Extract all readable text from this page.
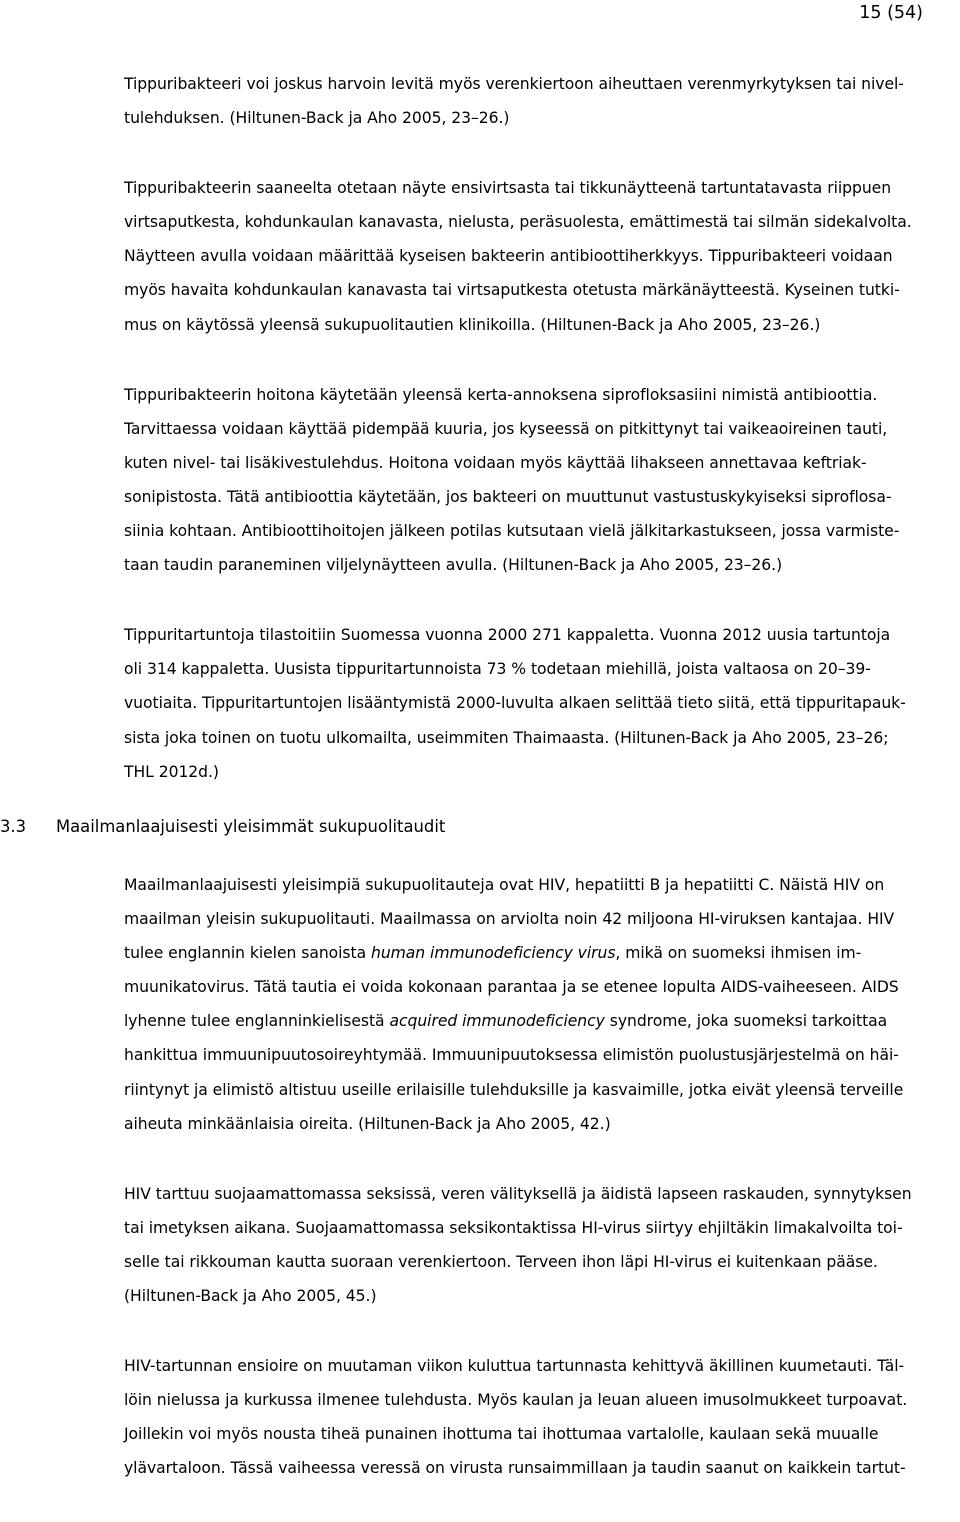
15 (54)
Tippuribakteeri voi joskus harvoin levitä myös verenkiertoon aiheuttaen verenmyrkytyksen tai nivel-
tulehduksen. (Hiltunen-Back ja Aho 2005, 23–26.)
Tippuribakteerin saaneelta otetaan näyte ensivirtsasta tai tikkunäytteenä tartuntatavasta riippuen
virtsaputkesta, kohdunkaulan kanavasta, nielusta, peräsuolesta, emättimestä tai silmän sidekalvolta.
Näytteen avulla voidaan määrittää kyseisen bakteerin antibioottiherkkyys. Tippuribakteeri voidaan
myös havaita kohdunkaulan kanavasta tai virtsaputkesta otetusta märkänäytteestä. Kyseinen tutki-
mus on käytössä yleensä sukupuolitautien klinikoilla. (Hiltunen-Back ja Aho 2005, 23–26.)
Tippuribakteerin hoitona käytetään yleensä kerta-annoksena siprofloksasiini nimistä antibioottia.
Tarvittaessa voidaan käyttää pidempää kuuria, jos kyseessä on pitkittynyt tai vaikeaoireinen tauti,
kuten nivel- tai lisäkivestulehdus. Hoitona voidaan myös käyttää lihakseen annettavaa keftriak-
sonipistosta. Tätä antibioottia käytetään, jos bakteeri on muuttunut vastustuskykyiseksi siproflosa-
siinia kohtaan. Antibioottihoitojen jälkeen potilas kutsutaan vielä jälkitarkastukseen, jossa varmiste-
taan taudin paraneminen viljelynäytteen avulla. (Hiltunen-Back ja Aho 2005, 23–26.)
Tippuritartuntoja tilastoitiin Suomessa vuonna 2000 271 kappaletta. Vuonna 2012 uusia tartuntoja
oli 314 kappaletta. Uusista tippuritartunnoista 73 % todetaan miehillä, joista valtaosa on 20–39-
vuotiaita. Tippuritartuntojen lisääntymistä 2000-luvulta alkaen selittää tieto siitä, että tippuritapauk-
sista joka toinen on tuotu ulkomailta, useimmiten Thaimaasta. (Hiltunen-Back ja Aho 2005, 23–26;
THL 2012d.)
3.3 Maailmanlaajuisesti yleisimmät sukupuolitaudit
Maailmanlaajuisesti yleisimpiä sukupuolitauteja ovat HIV, hepatiitti B ja hepatiitti C. Näistä HIV on
maailman yleisin sukupuolitauti. Maailmassa on arviolta noin 42 miljoona HI-viruksen kantajaa. HIV
tulee englannin kielen sanoista human immunodeficiency virus, mikä on suomeksi ihmisen im-
muunikatovirus. Tätä tautia ei voida kokonaan parantaa ja se etenee lopulta AIDS-vaiheeseen. AIDS
lyhenne tulee englanninkielisestä acquired immunodeficiency syndrome, joka suomeksi tarkoittaa
hankittua immuunipuutosoireyhtymää. Immuunipuutoksessa elimistön puolustusjärjestelmä on häi-
riintynyt ja elimistö altistuu useille erilaisille tulehduksille ja kasvaimille, jotka eivät yleensä terveille
aiheuta minkäänlaisia oireita. (Hiltunen-Back ja Aho 2005, 42.)
HIV tarttuu suojaamattomassa seksissä, veren välityksellä ja äidistä lapseen raskauden, synnytyksen
tai imetyksen aikana. Suojaamattomassa seksikontaktissa HI-virus siirtyy ehjiltäkin limakalvoilta toi-
selle tai rikkouman kautta suoraan verenkiertoon. Terveen ihon läpi HI-virus ei kuitenkaan pääse.
(Hiltunen-Back ja Aho 2005, 45.)
HIV-tartunnan ensioire on muutaman viikon kuluttua tartunnasta kehittyvä äkillinen kuumetauti. Täl-
löin nielussa ja kurkussa ilmenee tulehdusta. Myös kaulan ja leuan alueen imusolmukkeet turpoavat.
Joillekin voi myös nousta tiheä punainen ihottuma tai ihottumaa vartalolle, kaulaan sekä muualle
ylävartaloon. Tässä vaiheessa veressä on virusta runsaimmillaan ja taudin saanut on kaikkein tartut-
